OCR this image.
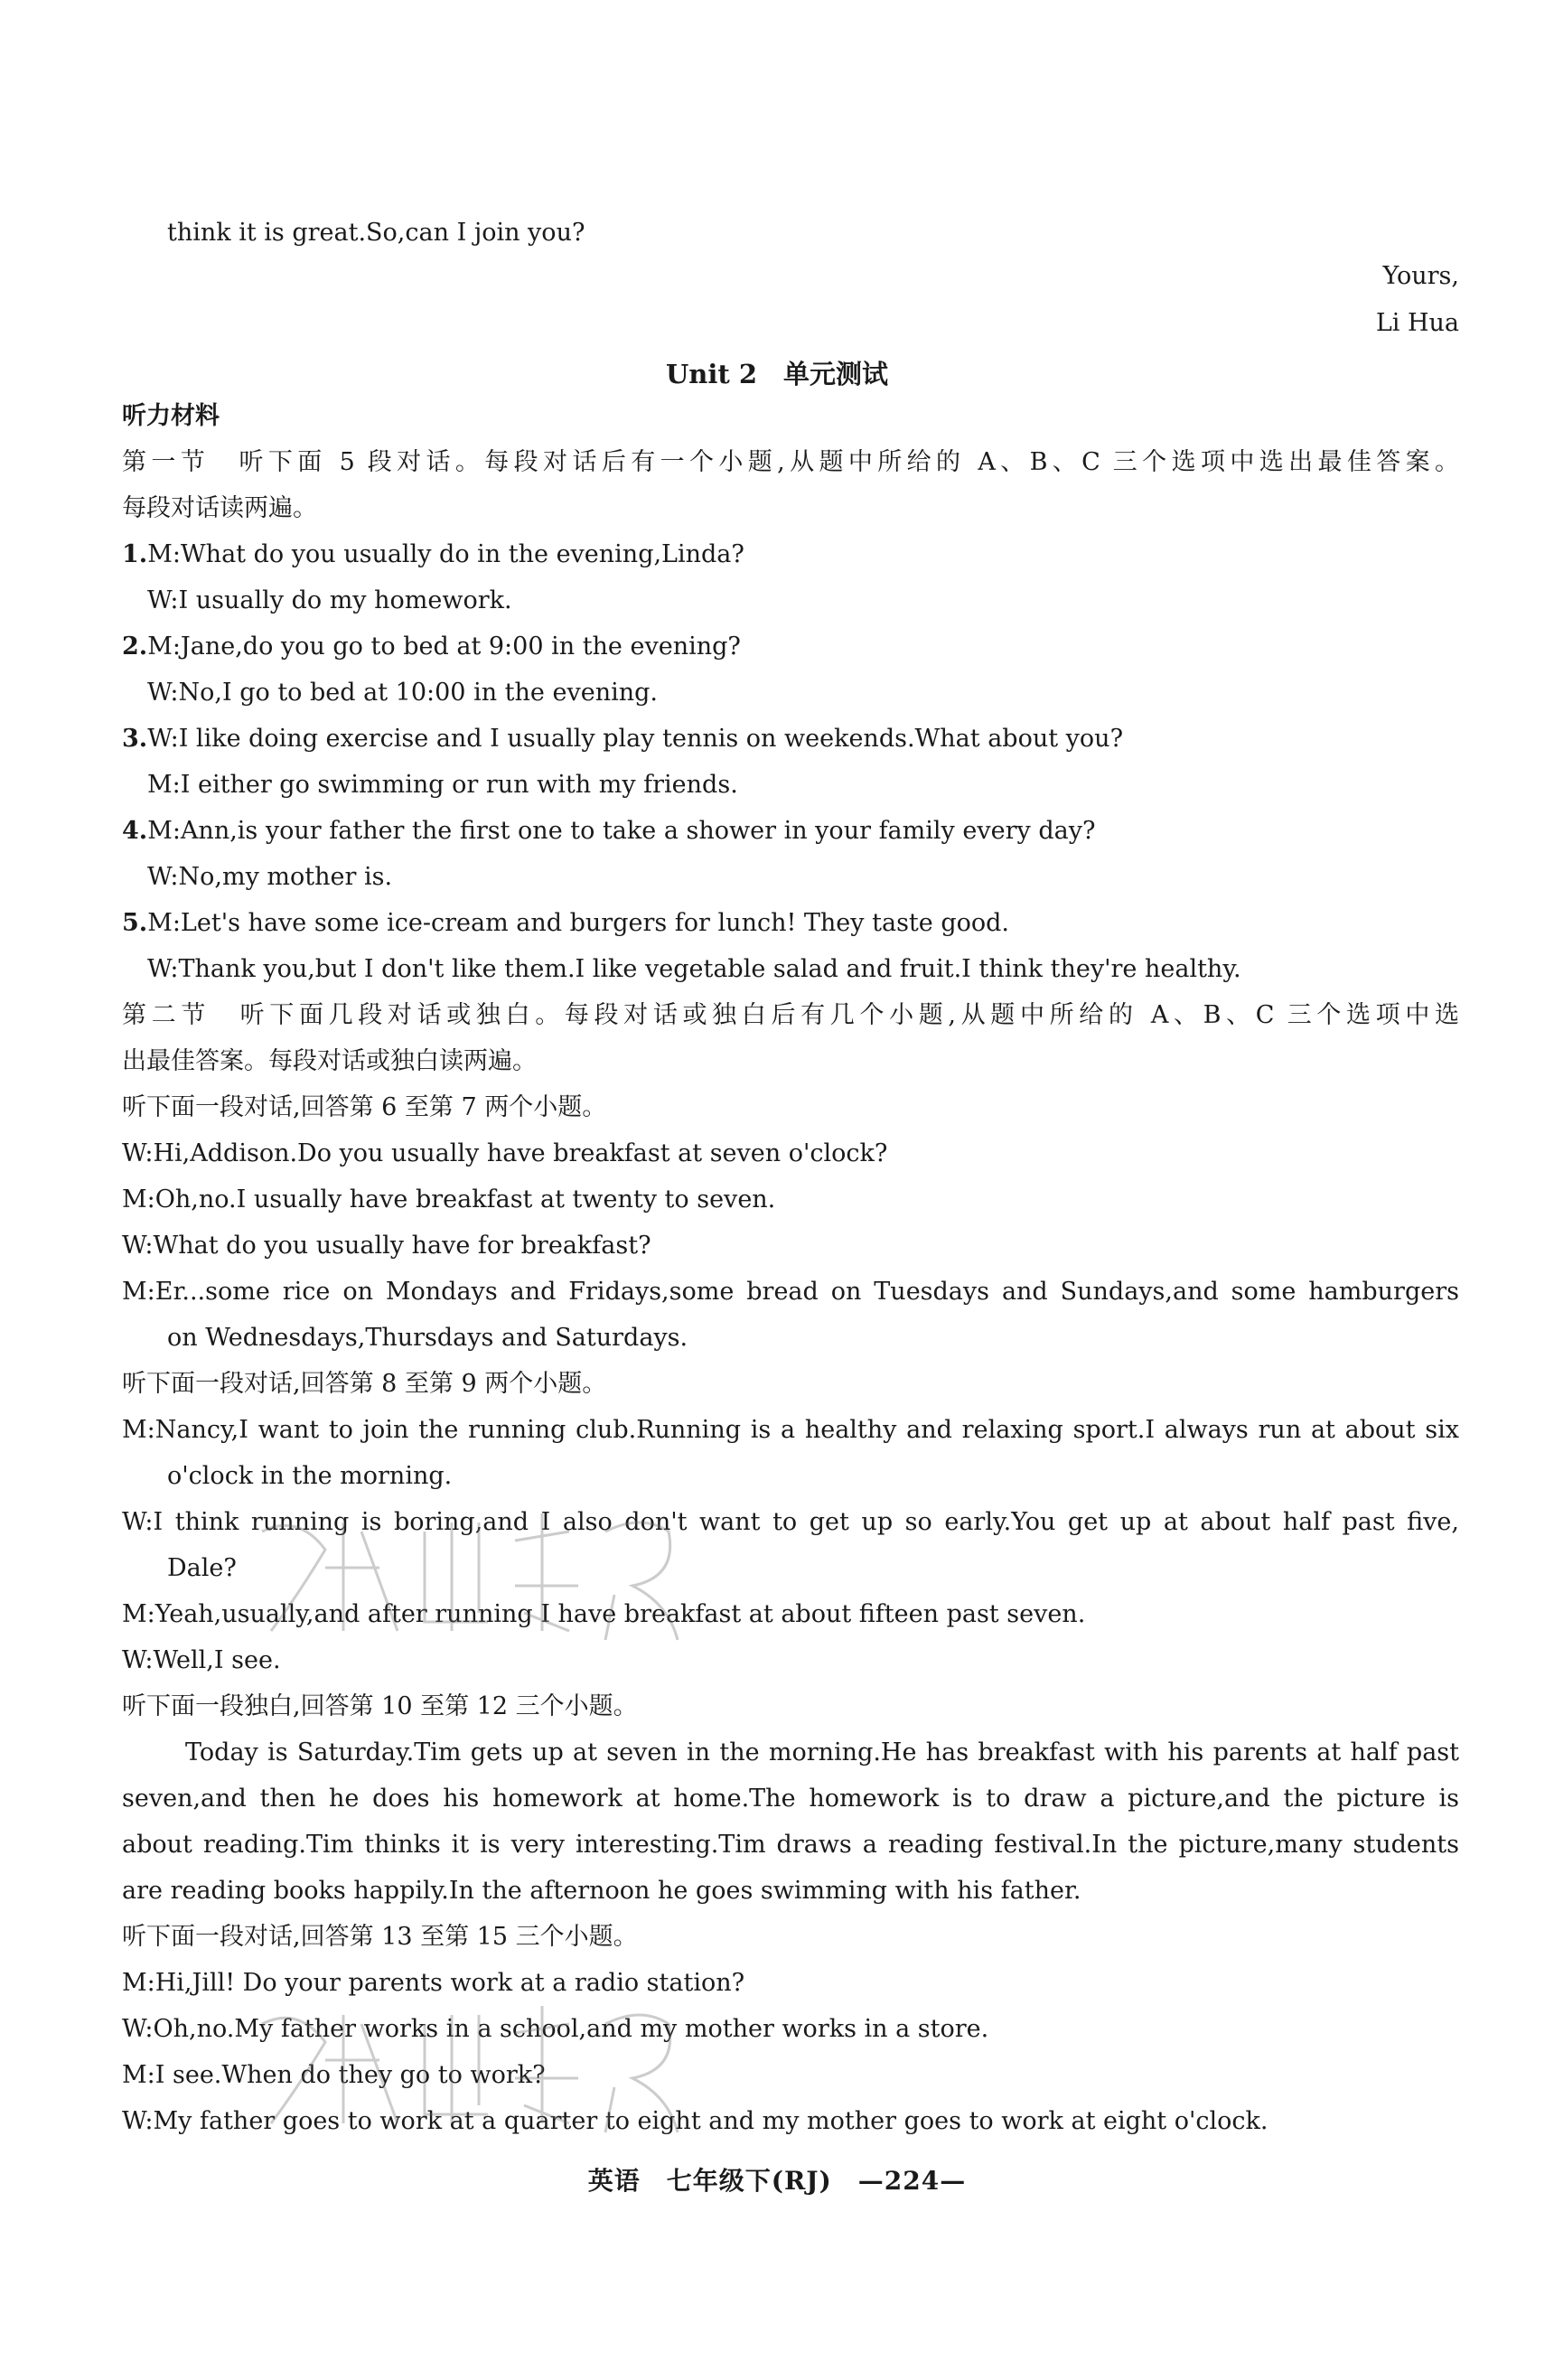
think it is great.So,can I join you?
Yours,
Li Hua
Unit 2　单元测试
听力材料
第一节　听下面 5 段对话。每段对话后有一个小题,从题中所给的 A、B、C 三个选项中选出最佳答案。
每段对话读两遍。
1.M:What do you usually do in the evening,Linda?
W:I usually do my homework.
2.M:Jane,do you go to bed at 9:00 in the evening?
W:No,I go to bed at 10:00 in the evening.
3.W:I like doing exercise and I usually play tennis on weekends.What about you?
M:I either go swimming or run with my friends.
4.M:Ann,is your father the first one to take a shower in your family every day?
W:No,my mother is.
5.M:Let's have some ice-cream and burgers for lunch! They taste good.
W:Thank you,but I don't like them.I like vegetable salad and fruit.I think they're healthy.
第二节　听下面几段对话或独白。每段对话或独白后有几个小题,从题中所给的 A、B、C 三个选项中选
出最佳答案。每段对话或独白读两遍。
听下面一段对话,回答第 6 至第 7 两个小题。
W:Hi,Addison.Do you usually have breakfast at seven o'clock?
M:Oh,no.I usually have breakfast at twenty to seven.
W:What do you usually have for breakfast?
M:Er...some rice on Mondays and Fridays,some bread on Tuesdays and Sundays,and some hamburgers
on Wednesdays,Thursdays and Saturdays.
听下面一段对话,回答第 8 至第 9 两个小题。
M:Nancy,I want to join the running club.Running is a healthy and relaxing sport.I always run at about six
o'clock in the morning.
W:I think running is boring,and I also don't want to get up so early.You get up at about half past five,
Dale?
M:Yeah,usually,and after running I have breakfast at about fifteen past seven.
W:Well,I see.
听下面一段独白,回答第 10 至第 12 三个小题。
Today is Saturday.Tim gets up at seven in the morning.He has breakfast with his parents at half past
seven,and then he does his homework at home.The homework is to draw a picture,and the picture is
about reading.Tim thinks it is very interesting.Tim draws a reading festival.In the picture,many students
are reading books happily.In the afternoon he goes swimming with his father.
听下面一段对话,回答第 13 至第 15 三个小题。
M:Hi,Jill! Do your parents work at a radio station?
W:Oh,no.My father works in a school,and my mother works in a store.
M:I see.When do they go to work?
W:My father goes to work at a quarter to eight and my mother goes to work at eight o'clock.
英语　七年级下(RJ)　—224—
